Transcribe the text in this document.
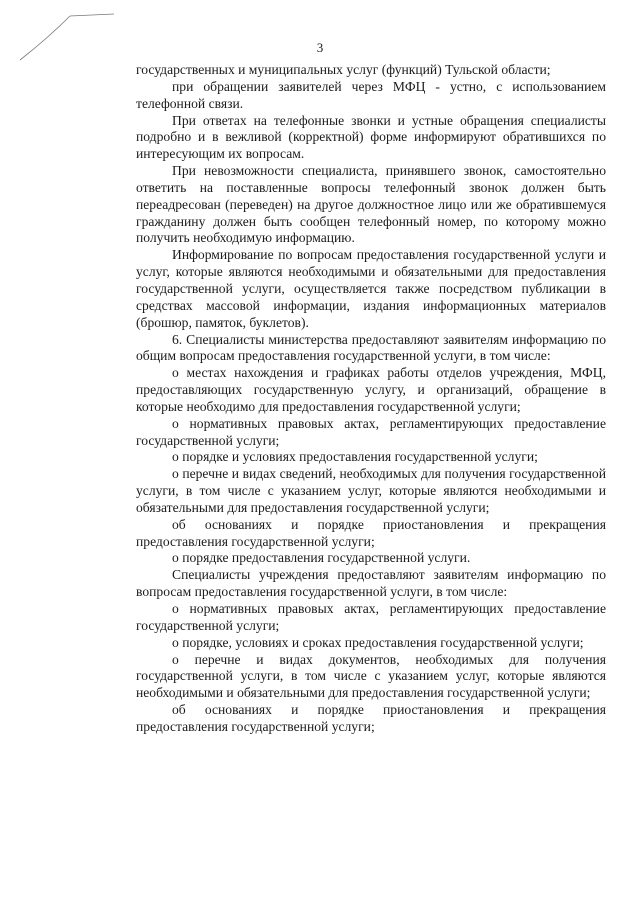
3

государственных и муниципальных услуг (функций) Тульской области;

при обращении заявителей через МФЦ - устно, с использованием телефонной связи.

При ответах на телефонные звонки и устные обращения специалисты подробно и в вежливой (корректной) форме информируют обратившихся по интересующим их вопросам.

При невозможности специалиста, принявшего звонок, самостоятельно ответить на поставленные вопросы телефонный звонок должен быть переадресован (переведен) на другое должностное лицо или же обратившемуся гражданину должен быть сообщен телефонный номер, по которому можно получить необходимую информацию.

Информирование по вопросам предоставления государственной услуги и услуг, которые являются необходимыми и обязательными для предоставления государственной услуги, осуществляется также посредством публикации в средствах массовой информации, издания информационных материалов (брошюр, памяток, буклетов).

6. Специалисты министерства предоставляют заявителям информацию по общим вопросам предоставления государственной услуги, в том числе:

о местах нахождения и графиках работы отделов учреждения, МФЦ, предоставляющих государственную услугу, и организаций, обращение в которые необходимо для предоставления государственной услуги;

о нормативных правовых актах, регламентирующих предоставление государственной услуги;

о порядке и условиях предоставления государственной услуги;

о перечне и видах сведений, необходимых для получения государственной услуги, в том числе с указанием услуг, которые являются необходимыми и обязательными для предоставления государственной услуги;

об основаниях и порядке приостановления и прекращения предоставления государственной услуги;

о порядке предоставления государственной услуги.

Специалисты учреждения предоставляют заявителям информацию по вопросам предоставления государственной услуги, в том числе:

о нормативных правовых актах, регламентирующих предоставление государственной услуги;

о порядке, условиях и сроках предоставления государственной услуги;

о перечне и видах документов, необходимых для получения государственной услуги, в том числе с указанием услуг, которые являются необходимыми и обязательными для предоставления государственной услуги;

об основаниях и порядке приостановления и прекращения предоставления государственной услуги;
